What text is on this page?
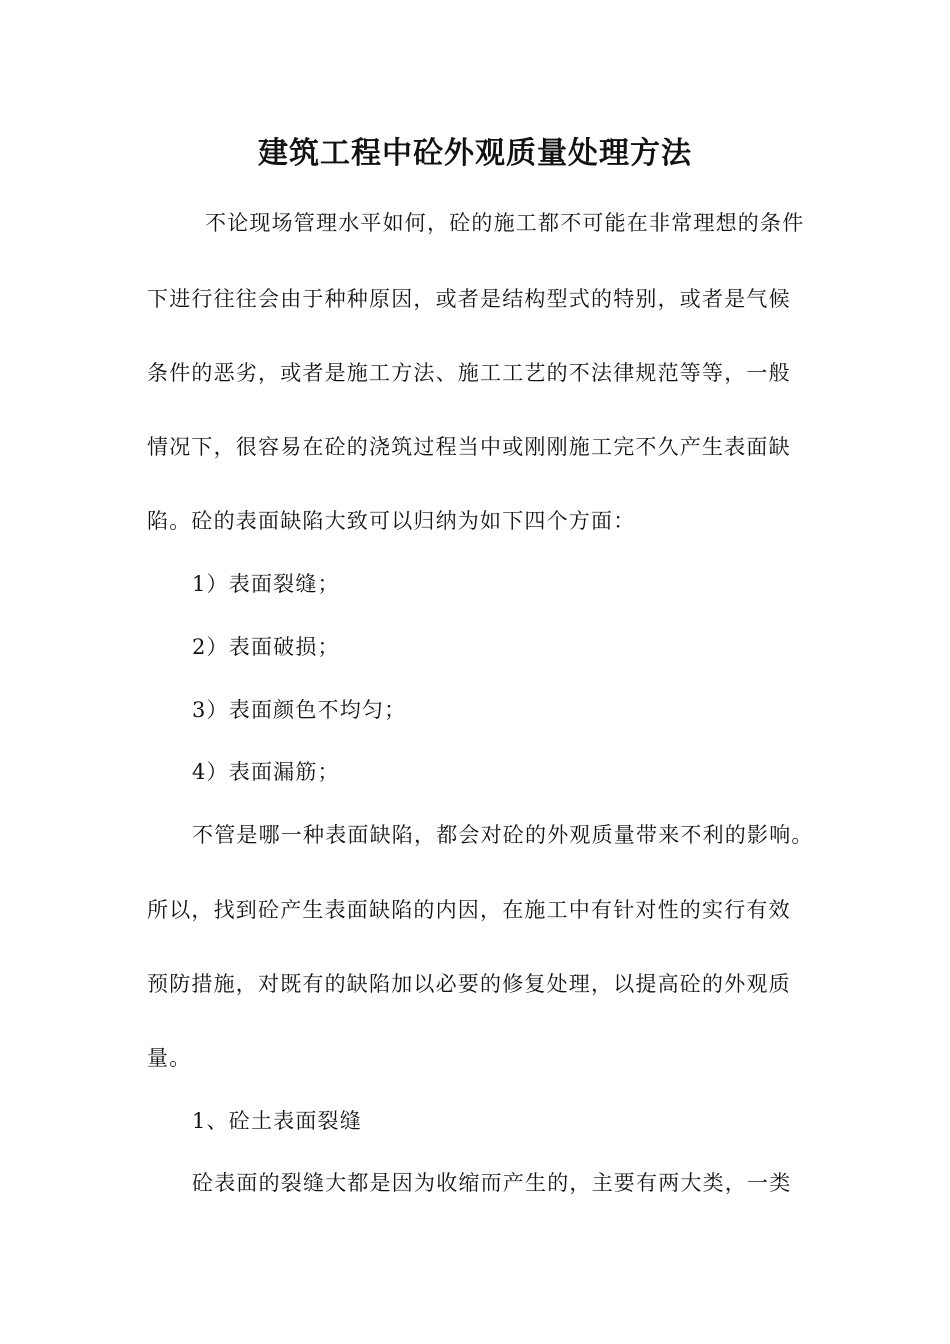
建筑工程中砼外观质量处理方法
不论现场管理水平如何，砼的施工都不可能在非常理想的条件
下进行往往会由于种种原因，或者是结构型式的特别，或者是气候
条件的恶劣，或者是施工方法、施工工艺的不法律规范等等，一般
情况下，很容易在砼的浇筑过程当中或刚刚施工完不久产生表面缺
陷。砼的表面缺陷大致可以归纳为如下四个方面：
1）表面裂缝；
2）表面破损；
3）表面颜色不均匀；
4）表面漏筋；
不管是哪一种表面缺陷，都会对砼的外观质量带来不利的影响。
所以，找到砼产生表面缺陷的内因，在施工中有针对性的实行有效
预防措施，对既有的缺陷加以必要的修复处理，以提高砼的外观质
量。
1、砼土表面裂缝
砼表面的裂缝大都是因为收缩而产生的，主要有两大类，一类
